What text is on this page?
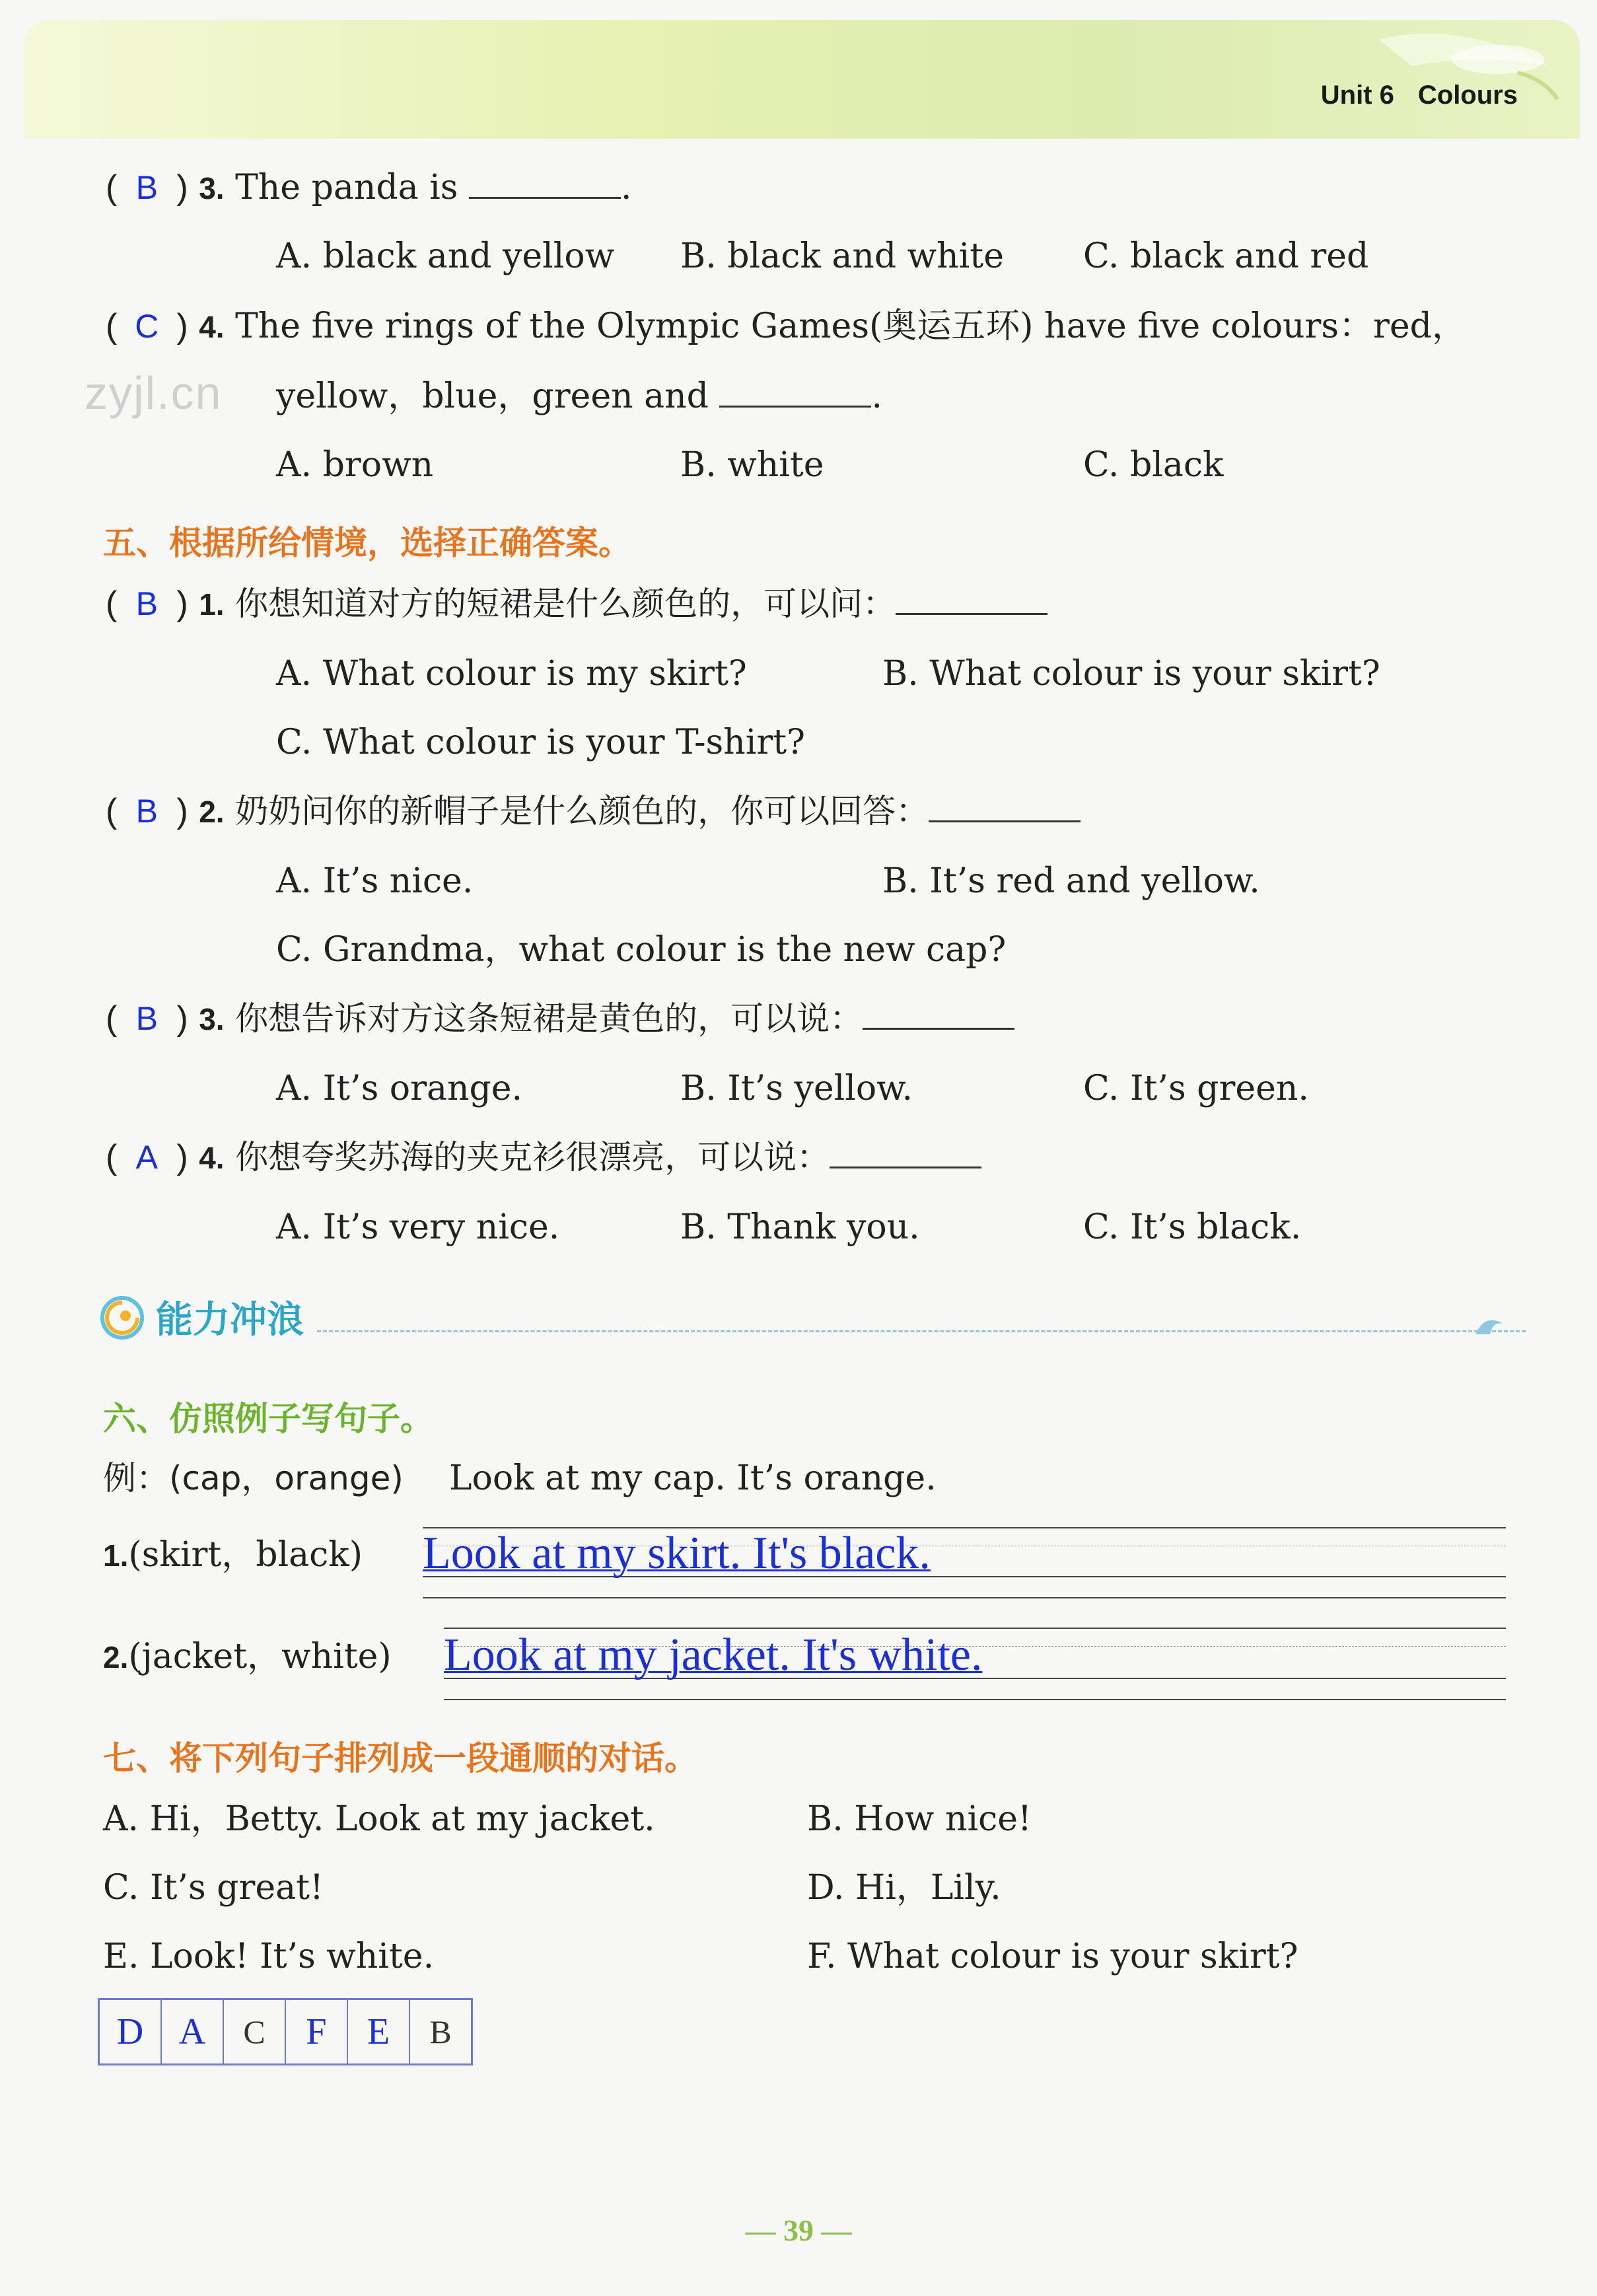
Unit 6 Colours
zyjl.cn
( B ) 3. The panda is	.
A. black and yellow B. black and white C. black and red
( C ) 4. The five rings of the Olympic Games(奥运五环) have five colours：red，
yellow，blue，green and	.
A. brown	B. white	C. black
五、根据所给情境，选择正确答案。
( B ) 1. 你想知道对方的短裙是什么颜色的，可以问：
A. What colour is my skirt?	B. What colour is your skirt?
C. What colour is your T-shirt?
( B ) 2. 奶奶问你的新帽子是什么颜色的，你可以回答：
A. It’s nice.	B. It’s red and yellow.
C. Grandma，what colour is the new cap?
( B ) 3. 你想告诉对方这条短裙是黄色的，可以说：
A. It’s orange.	B. It’s yellow.	C. It’s green.
( A ) 4. 你想夸奖苏海的夹克衫很漂亮，可以说：
A. It’s very nice.	B. Thank you.	C. It’s black.
能力冲浪
六、仿照例子写句子。
例：(cap，orange) Look at my cap. It’s orange.
1.(skirt，black) Look at my skirt. It's black.
2.(jacket，white) Look at my jacket. It's white.
七、将下列句子排列成一段通顺的对话。
A. Hi，Betty. Look at my jacket.	B. How nice!
C. It’s great!	D. Hi，Lily.
E. Look! It’s white.	F. What colour is your skirt?
D A	C	F	E	B
— 39 —
